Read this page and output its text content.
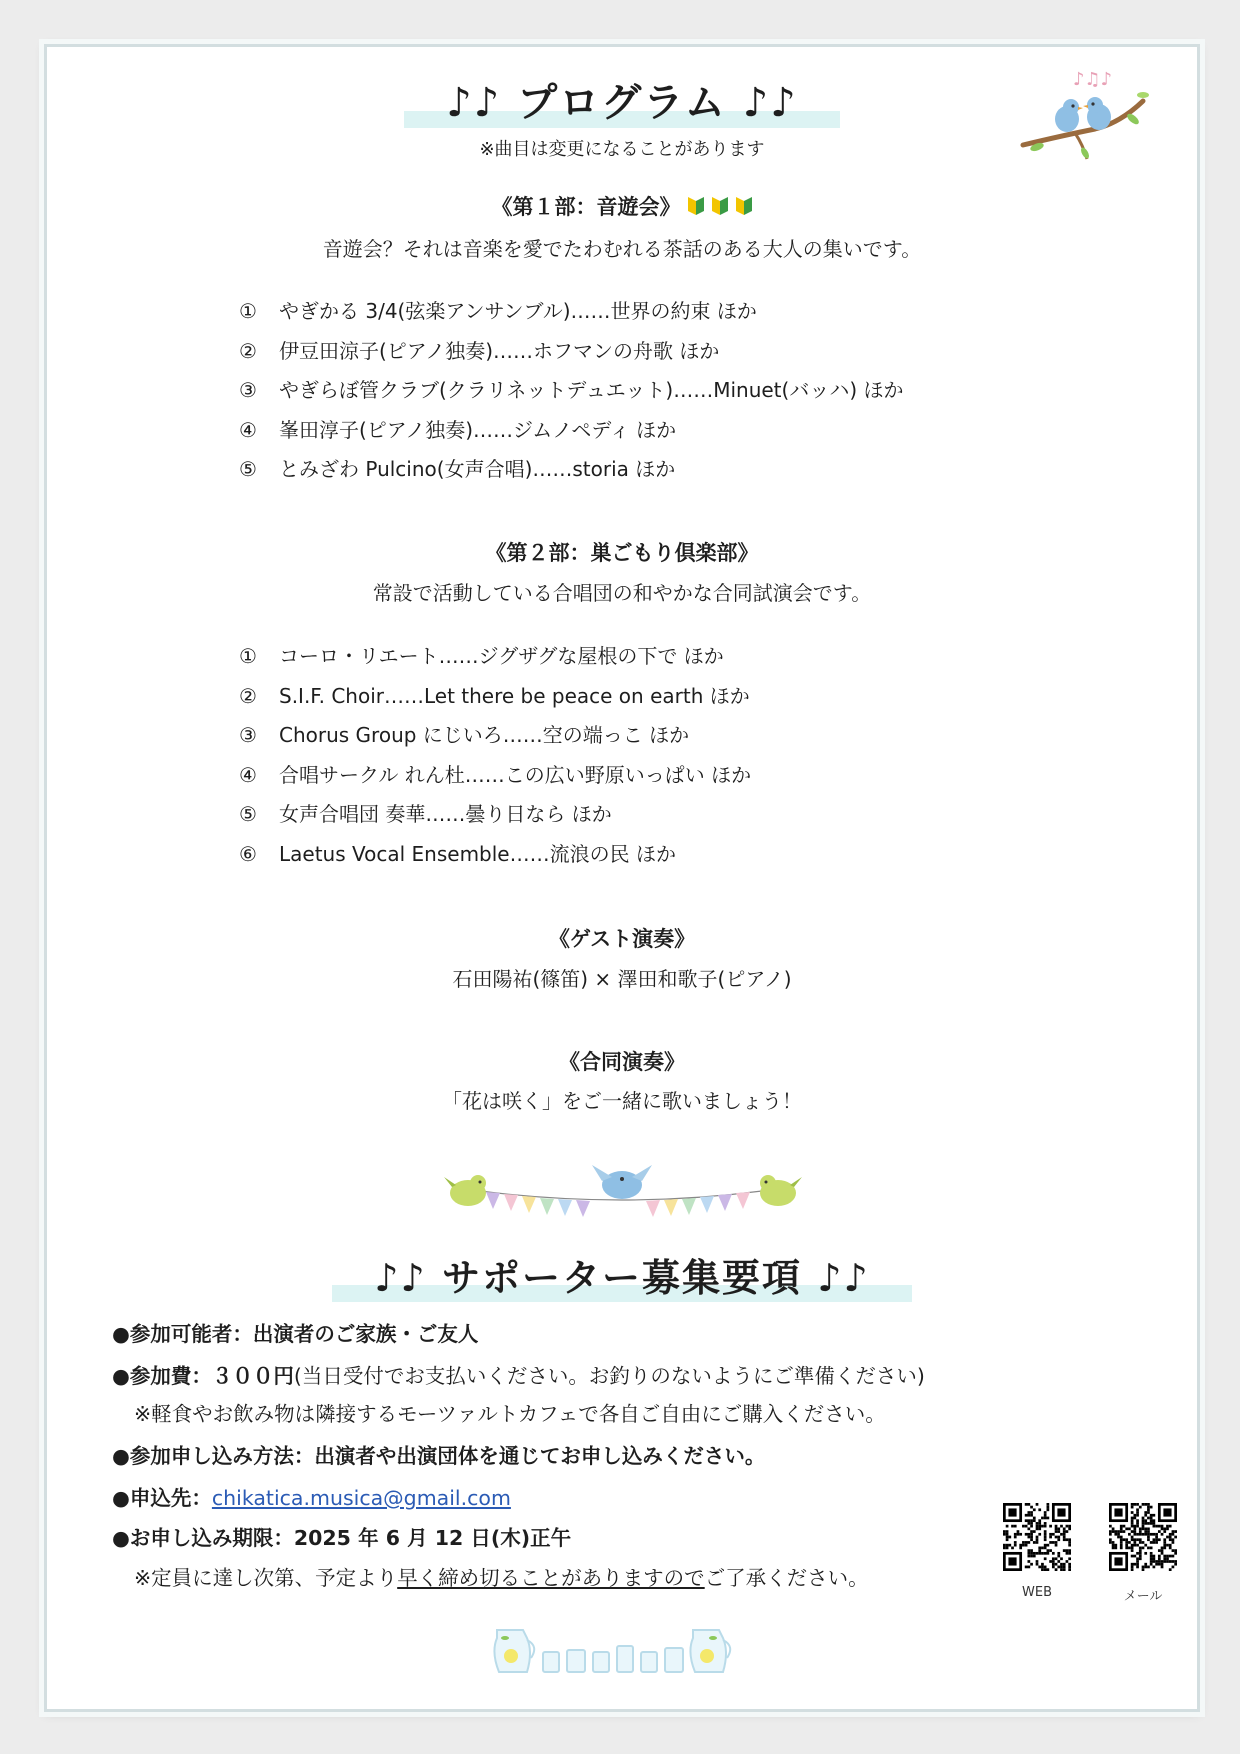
♪♪ プログラム ♪♪
※曲目は変更になることがあります
♪♫♪
《第１部：音遊会》
音遊会？それは音楽を愛でたわむれる茶話のある大人の集いです。
① やぎかる 3/4(弦楽アンサンブル)……世界の約束 ほか
② 伊豆田涼子(ピアノ独奏)……ホフマンの舟歌 ほか
③ やぎらぼ管クラブ(クラリネットデュエット)……Minuet(バッハ) ほか
④ 峯田淳子(ピアノ独奏)……ジムノペディ ほか
⑤ とみざわ Pulcino(女声合唱)……storia ほか
《第２部：巣ごもり倶楽部》
常設で活動している合唱団の和やかな合同試演会です。
① コーロ・リエート……ジグザグな屋根の下で ほか
② S.I.F. Choir……Let there be peace on earth ほか
③ Chorus Group にじいろ……空の端っこ ほか
④ 合唱サークル れん杜……この広い野原いっぱい ほか
⑤ 女声合唱団 奏華……曇り日なら ほか
⑥ Laetus Vocal Ensemble……流浪の民 ほか
《ゲスト演奏》
石田陽祐(篠笛) × 澤田和歌子(ピアノ)
《合同演奏》
「花は咲く」をご一緒に歌いましょう！
♪♪ サポーター募集要項 ♪♪
●参加可能者：出演者のご家族・ご友人
●参加費：３００円(当日受付でお支払いください。お釣りのないようにご準備ください)
※軽食やお飲み物は隣接するモーツァルトカフェで各自ご自由にご購入ください。
●参加申し込み方法：出演者や出演団体を通じてお申し込みください。
●申込先：chikatica.musica@gmail.com
●お申し込み期限：2025 年 6 月 12 日(木)正午
※定員に達し次第、予定より早く締め切ることがありますのでご了承ください。
WEB	メール
